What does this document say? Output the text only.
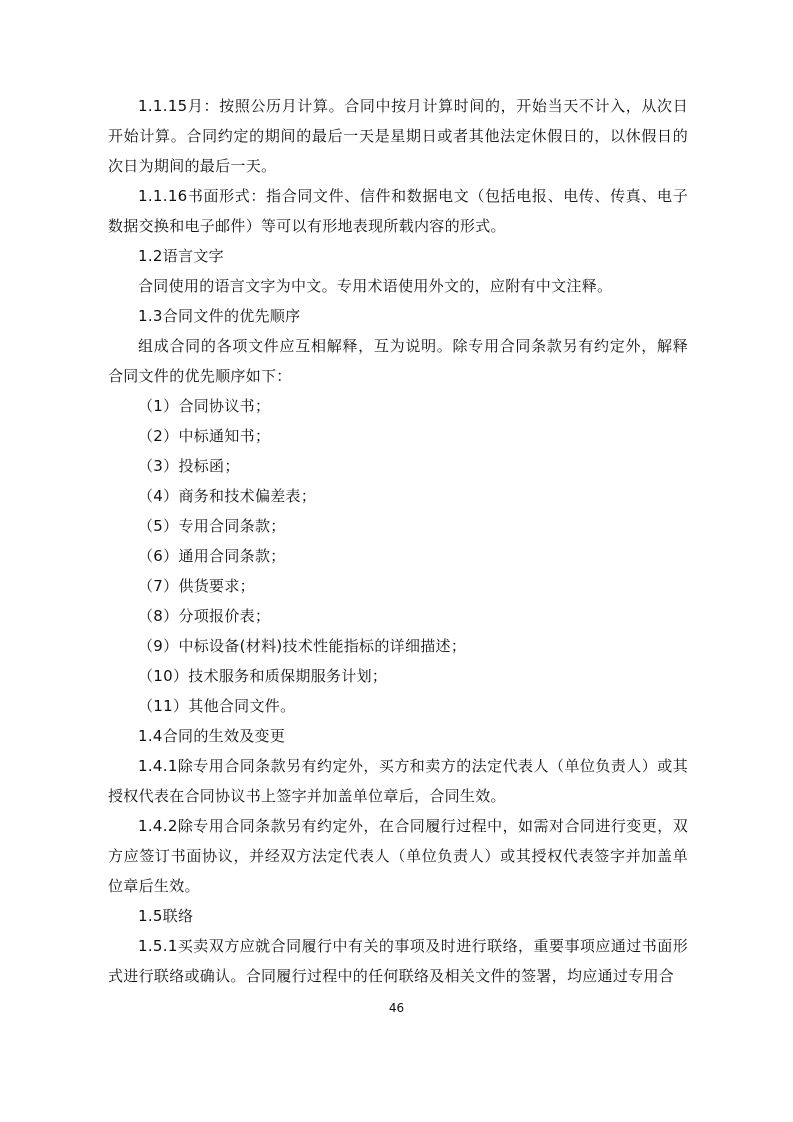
1.1.15月：按照公历月计算。合同中按月计算时间的，开始当天不计入，从次日开始计算。合同约定的期间的最后一天是星期日或者其他法定休假日的，以休假日的次日为期间的最后一天。

1.1.16书面形式：指合同文件、信件和数据电文（包括电报、电传、传真、电子数据交换和电子邮件）等可以有形地表现所载内容的形式。

1.2语言文字

合同使用的语言文字为中文。专用术语使用外文的，应附有中文注释。

1.3合同文件的优先顺序

组成合同的各项文件应互相解释，互为说明。除专用合同条款另有约定外，解释合同文件的优先顺序如下：

（1）合同协议书；

（2）中标通知书；

（3）投标函；

（4）商务和技术偏差表；

（5）专用合同条款；

（6）通用合同条款；

（7）供货要求；

（8）分项报价表；

（9）中标设备(材料)技术性能指标的详细描述；

（10）技术服务和质保期服务计划；

（11）其他合同文件。

1.4合同的生效及变更

1.4.1除专用合同条款另有约定外，买方和卖方的法定代表人（单位负责人）或其授权代表在合同协议书上签字并加盖单位章后，合同生效。

1.4.2除专用合同条款另有约定外，在合同履行过程中，如需对合同进行变更，双方应签订书面协议，并经双方法定代表人（单位负责人）或其授权代表签字并加盖单位章后生效。

1.5联络

1.5.1买卖双方应就合同履行中有关的事项及时进行联络，重要事项应通过书面形式进行联络或确认。合同履行过程中的任何联络及相关文件的签署，均应通过专用合

46
